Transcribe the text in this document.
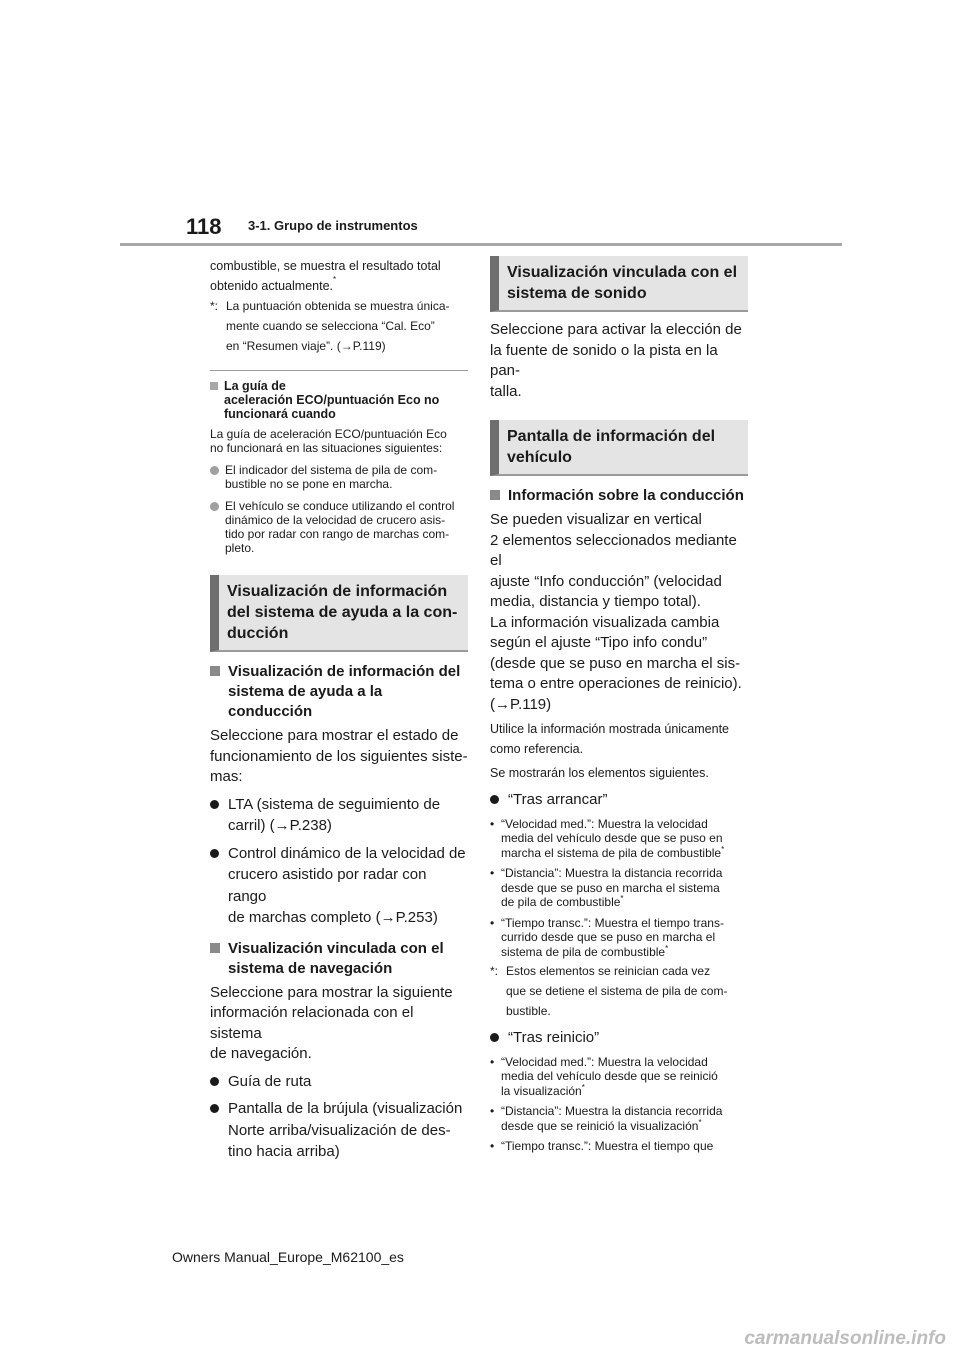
118 3-1. Grupo de instrumentos

combustible, se muestra el resultado total
obtenido actualmente.*

*: La puntuación obtenida se muestra única-
mente cuando se selecciona “Cal. Eco”
en “Resumen viaje”. (→P.119)
La guía de
aceleración ECO/puntuación Eco no
funcionará cuando

La guía de aceleración ECO/puntuación Eco
no funcionará en las situaciones siguientes:

El indicador del sistema de pila de com-
bustible no se pone en marcha.
El vehículo se conduce utilizando el control
dinámico de la velocidad de crucero asis-
tido por radar con rango de marchas com-
pleto.
Visualización de información
del sistema de ayuda a la con-
ducción
Visualización de información del
sistema de ayuda a la conducción

Seleccione para mostrar el estado de
funcionamiento de los siguientes siste-
mas:

LTA (sistema de seguimiento de
carril) (→P.238)
Control dinámico de la velocidad de
crucero asistido por radar con rango
de marchas completo (→P.253)
Visualización vinculada con el
sistema de navegación

Seleccione para mostrar la siguiente
información relacionada con el sistema
de navegación.

Guía de ruta
Pantalla de la brújula (visualización
Norte arriba/visualización de des-
tino hacia arriba)
Visualización vinculada con el
sistema de sonido

Seleccione para activar la elección de
la fuente de sonido o la pista en la pan-
talla.

Pantalla de información del
vehículo
Información sobre la conducción

Se pueden visualizar en vertical
2 elementos seleccionados mediante el
ajuste “Info conducción” (velocidad
media, distancia y tiempo total).
La información visualizada cambia
según el ajuste “Tipo info condu”
(desde que se puso en marcha el sis-
tema o entre operaciones de reinicio).
(→P.119)

Utilice la información mostrada únicamente
como referencia.

Se mostrarán los elementos siguientes.

“Tras arrancar”
• “Velocidad med.”: Muestra la velocidad
media del vehículo desde que se puso en
marcha el sistema de pila de combustible*
• “Distancia”: Muestra la distancia recorrida
desde que se puso en marcha el sistema
de pila de combustible*
• “Tiempo transc.”: Muestra el tiempo trans-
currido desde que se puso en marcha el
sistema de pila de combustible*
*: Estos elementos se reinician cada vez
que se detiene el sistema de pila de com-
bustible.
“Tras reinicio”
• “Velocidad med.”: Muestra la velocidad
media del vehículo desde que se reinició
la visualización*
• “Distancia”: Muestra la distancia recorrida
desde que se reinició la visualización*
• “Tiempo transc.”: Muestra el tiempo que
Owners Manual_Europe_M62100_es
carmanualsonline.info
